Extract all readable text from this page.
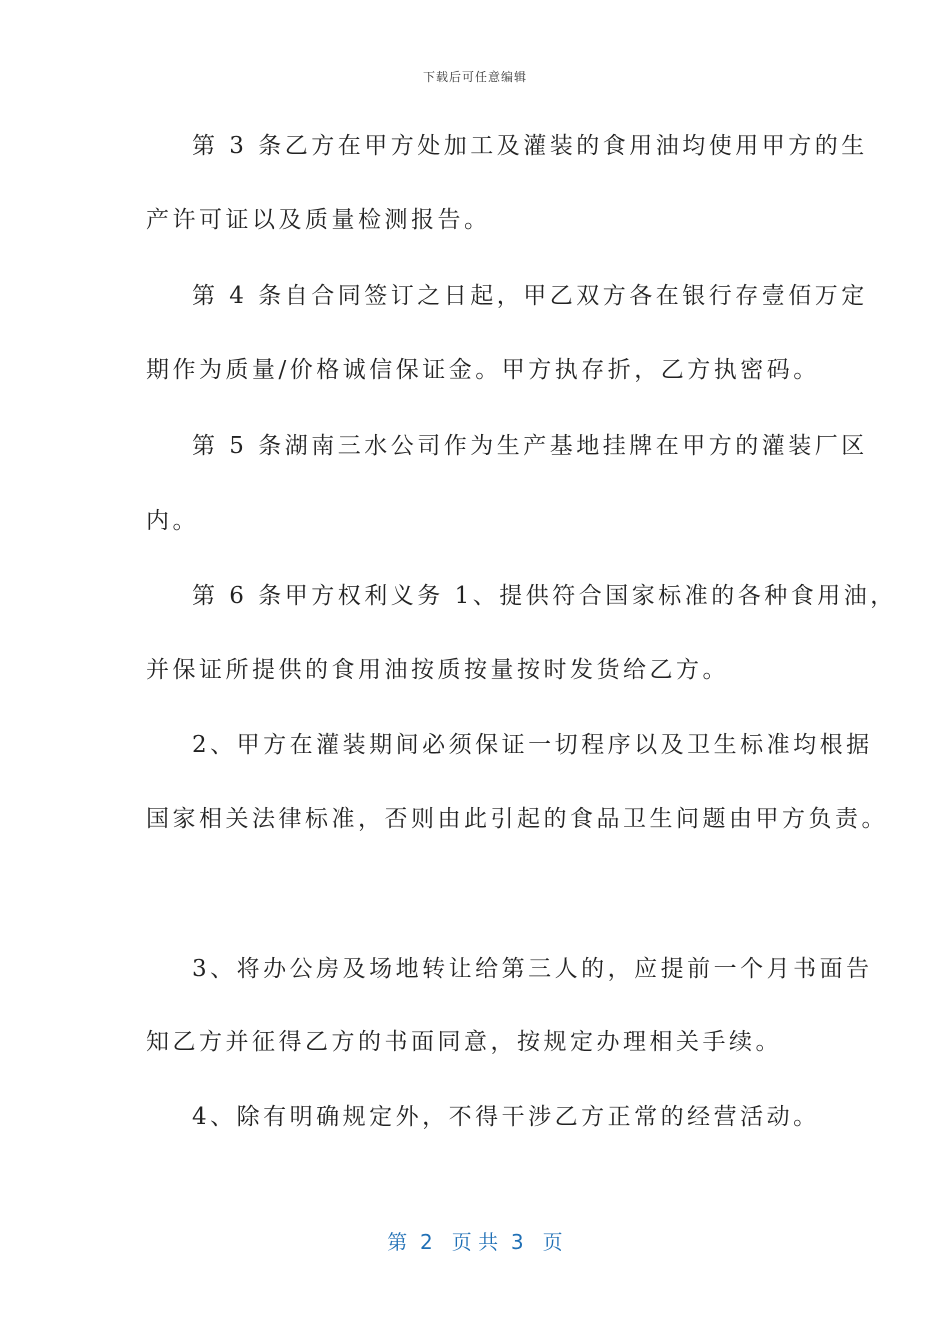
下载后可任意编辑
第 3 条乙方在甲方处加工及灌装的食用油均使用甲方的生
产许可证以及质量检测报告。
第 4 条自合同签订之日起，甲乙双方各在银行存壹佰万定
期作为质量/价格诚信保证金。甲方执存折，乙方执密码。
第 5 条湖南三水公司作为生产基地挂牌在甲方的灌装厂区
内。
第 6 条甲方权利义务 1、提供符合国家标准的各种食用油，
并保证所提供的食用油按质按量按时发货给乙方。
2、甲方在灌装期间必须保证一切程序以及卫生标准均根据
国家相关法律标准，否则由此引起的食品卫生问题由甲方负责。
3、将办公房及场地转让给第三人的，应提前一个月书面告
知乙方并征得乙方的书面同意，按规定办理相关手续。
4、除有明确规定外，不得干涉乙方正常的经营活动。
第  2   页 共  3   页
